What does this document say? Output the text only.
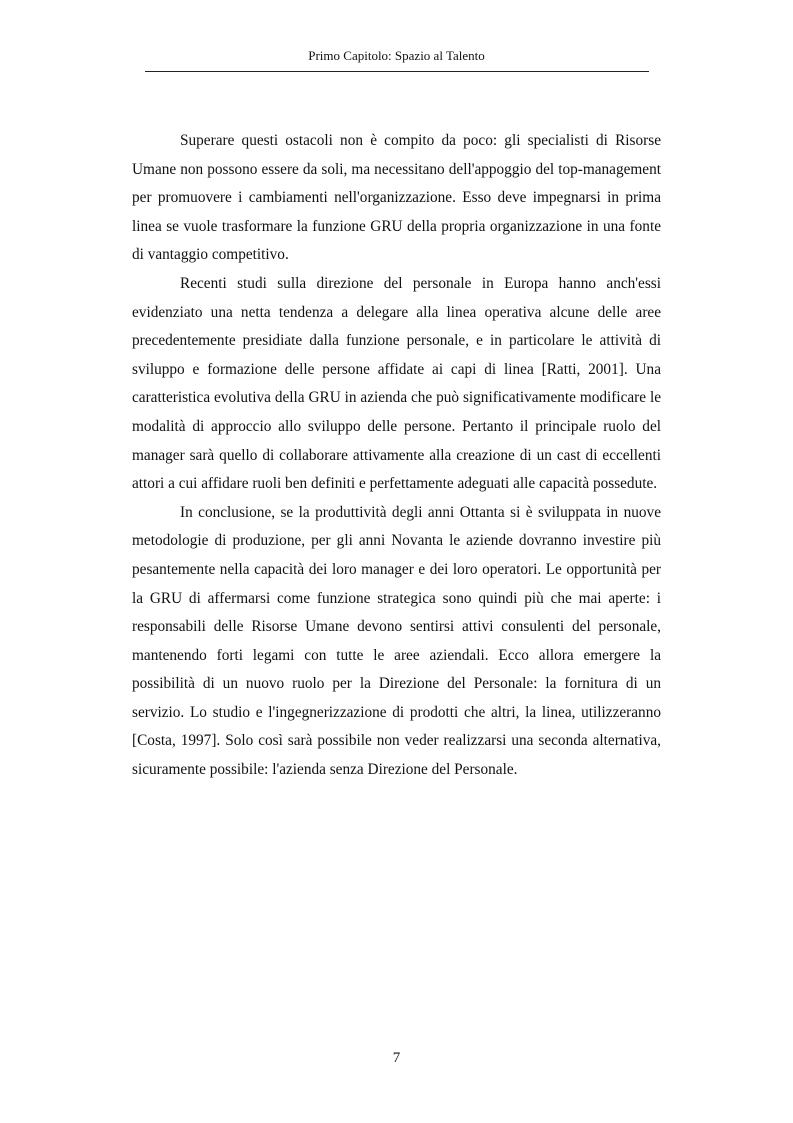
Primo Capitolo: Spazio al Talento

Superare questi ostacoli non è compito da poco: gli specialisti di Risorse Umane non possono essere da soli, ma necessitano dell'appoggio del top-management per promuovere i cambiamenti nell'organizzazione. Esso deve impegnarsi in prima linea se vuole trasformare la funzione GRU della propria organizzazione in una fonte di vantaggio competitivo.

Recenti studi sulla direzione del personale in Europa hanno anch'essi evidenziato una netta tendenza a delegare alla linea operativa alcune delle aree precedentemente presidiate dalla funzione personale, e in particolare le attività di sviluppo e formazione delle persone affidate ai capi di linea [Ratti, 2001]. Una caratteristica evolutiva della GRU in azienda che può significativamente modificare le modalità di approccio allo sviluppo delle persone. Pertanto il principale ruolo del manager sarà quello di collaborare attivamente alla creazione di un cast di eccellenti attori a cui affidare ruoli ben definiti e perfettamente adeguati alle capacità possedute.

In conclusione, se la produttività degli anni Ottanta si è sviluppata in nuove metodologie di produzione, per gli anni Novanta le aziende dovranno investire più pesantemente nella capacità dei loro manager e dei loro operatori. Le opportunità per la GRU di affermarsi come funzione strategica sono quindi più che mai aperte: i responsabili delle Risorse Umane devono sentirsi attivi consulenti del personale, mantenendo forti legami con tutte le aree aziendali. Ecco allora emergere la possibilità di un nuovo ruolo per la Direzione del Personale: la fornitura di un servizio. Lo studio e l'ingegnerizzazione di prodotti che altri, la linea, utilizzeranno [Costa, 1997]. Solo così sarà possibile non veder realizzarsi una seconda alternativa, sicuramente possibile: l'azienda senza Direzione del Personale.

7
